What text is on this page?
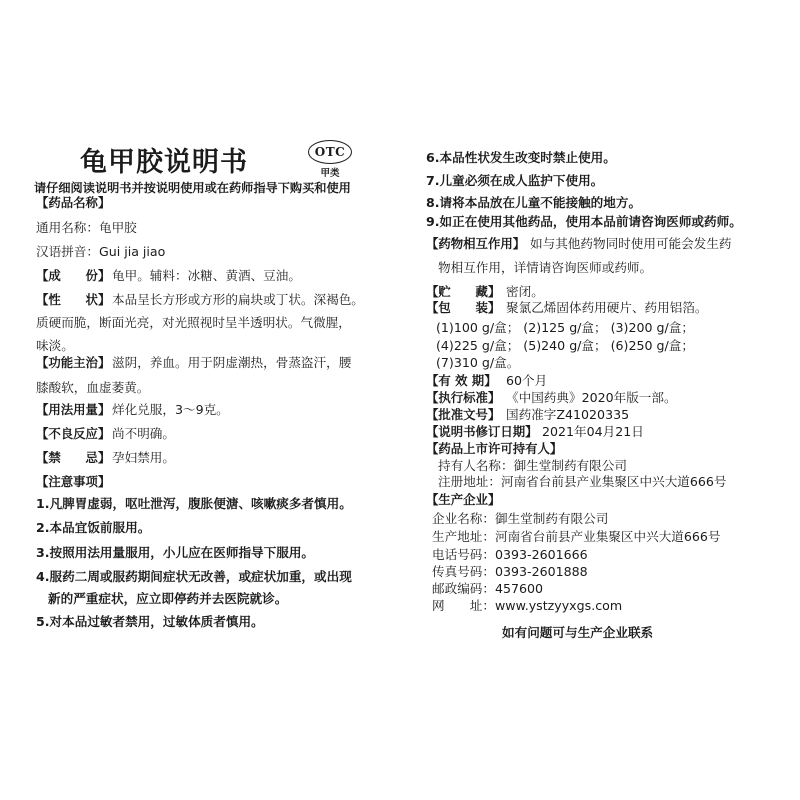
龟甲胶说明书	OTC
甲类
请仔细阅读说明书并按说明使用或在药师指导下购买和使用
【药品名称】
通用名称：龟甲胶
汉语拼音：Gui jia jiao
【成　　份】 龟甲。辅料：冰糖、黄酒、豆油。
【性　　状】 本品呈长方形或方形的扁块或丁状。深褐色。
质硬而脆，断面光亮，对光照视时呈半透明状。气微腥，
味淡。
【功能主治】 滋阴，养血。用于阴虚潮热，骨蒸盗汗，腰
膝酸软，血虚萎黄。
【用法用量】 烊化兑服，3～9克。
【不良反应】 尚不明确。
【禁　　忌】 孕妇禁用。
【注意事项】
1.凡脾胃虚弱，呕吐泄泻，腹胀便溏、咳嗽痰多者慎用。
2.本品宜饭前服用。
3.按照用法用量服用，小儿应在医师指导下服用。
4.服药二周或服药期间症状无改善，或症状加重，或出现
新的严重症状，应立即停药并去医院就诊。
5.对本品过敏者禁用，过敏体质者慎用。
6.本品性状发生改变时禁止使用。
7.儿童必须在成人监护下使用。
8.请将本品放在儿童不能接触的地方。
9.如正在使用其他药品，使用本品前请咨询医师或药师。
【药物相互作用】 如与其他药物同时使用可能会发生药
物相互作用，详情请咨询医师或药师。
【贮　　藏】 密闭。
【包　　装】 聚氯乙烯固体药用硬片、药用铝箔。
(1)100 g/盒； (2)125 g/盒； (3)200 g/盒；
(4)225 g/盒； (5)240 g/盒； (6)250 g/盒；
(7)310 g/盒。
【有 效 期】 60个月
【执行标准】 《中国药典》2020年版一部。
【批准文号】 国药准字Z41020335
【说明书修订日期】 2021年04月21日
【药品上市许可持有人】
持有人名称：御生堂制药有限公司
注册地址：河南省台前县产业集聚区中兴大道666号
【生产企业】
企业名称：御生堂制药有限公司
生产地址：河南省台前县产业集聚区中兴大道666号
电话号码：0393-2601666
传真号码：0393-2601888
邮政编码：457600
网　　址：www.ystzyyxgs.com
如有问题可与生产企业联系
